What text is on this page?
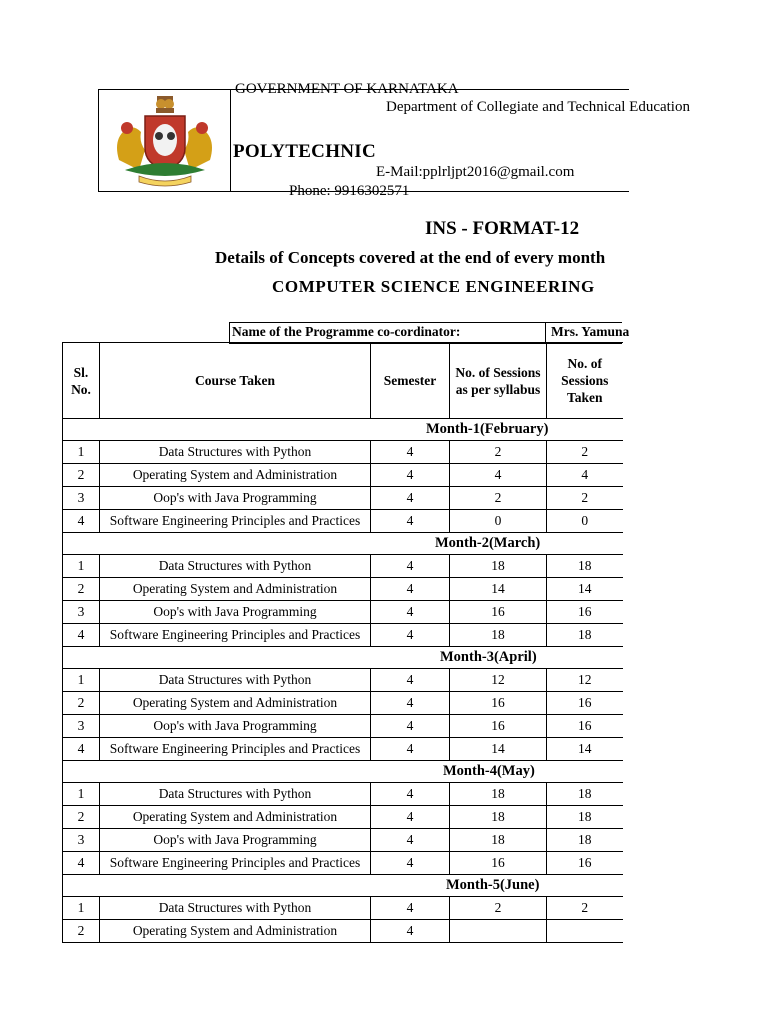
GOVERNMENT OF KARNATAKA
Department of Collegiate and Technical Education
POLYTECHNIC
E-Mail:pplrljpt2016@gmail.com
Phone: 9916302571
INS - FORMAT-12
Details of Concepts covered at the end of every month
COMPUTER SCIENCE ENGINEERING
Name of the Programme co-cordinator:	Mrs. Yamuna
Sl. No.	Course Taken	Semester	No. of Sessions as per syllabus	No. of Sessions Taken
Month-1(February)				
1	Data Structures with Python	4	2	2
2	Operating System and Administration	4	4	4
3	Oop's with Java Programming	4	2	2
4	Software Engineering Principles and Practices	4	0	0
Month-2(March)				
1	Data Structures with Python	4	18	18
2	Operating System and Administration	4	14	14
3	Oop's with Java Programming	4	16	16
4	Software Engineering Principles and Practices	4	18	18
Month-3(April)				
1	Data Structures with Python	4	12	12
2	Operating System and Administration	4	16	16
3	Oop's with Java Programming	4	16	16
4	Software Engineering Principles and Practices	4	14	14
Month-4(May)				
1	Data Structures with Python	4	18	18
2	Operating System and Administration	4	18	18
3	Oop's with Java Programming	4	18	18
4	Software Engineering Principles and Practices	4	16	16
Month-5(June)				
1	Data Structures with Python	4	2	2
2	Operating System and Administration	4		
